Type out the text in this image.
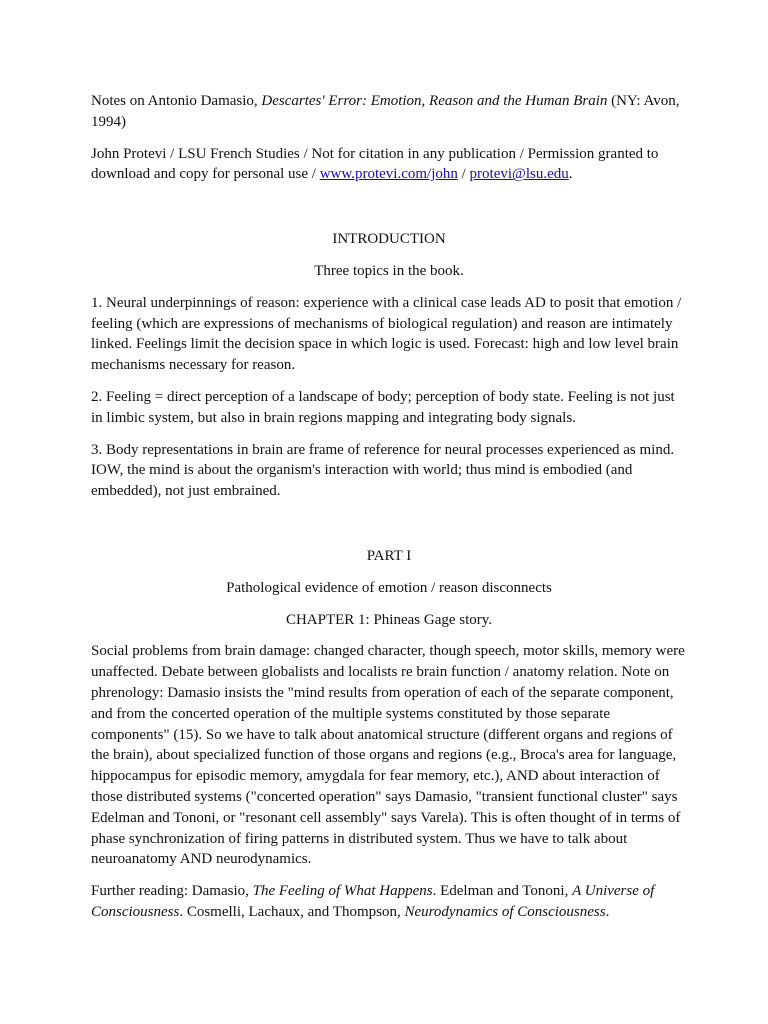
Notes on Antonio Damasio, Descartes' Error: Emotion, Reason and the Human Brain (NY: Avon, 1994)

John Protevi / LSU French Studies / Not for citation in any publication / Permission granted to download and copy for personal use / www.protevi.com/john / protevi@lsu.edu.

INTRODUCTION

Three topics in the book.

1. Neural underpinnings of reason: experience with a clinical case leads AD to posit that emotion / feeling (which are expressions of mechanisms of biological regulation) and reason are intimately linked. Feelings limit the decision space in which logic is used. Forecast: high and low level brain mechanisms necessary for reason.

2. Feeling = direct perception of a landscape of body; perception of body state. Feeling is not just in limbic system, but also in brain regions mapping and integrating body signals.

3. Body representations in brain are frame of reference for neural processes experienced as mind. IOW, the mind is about the organism's interaction with world; thus mind is embodied (and embedded), not just embrained.

PART I

Pathological evidence of emotion / reason disconnects

CHAPTER 1: Phineas Gage story.

Social problems from brain damage: changed character, though speech, motor skills, memory were unaffected. Debate between globalists and localists re brain function / anatomy relation. Note on phrenology: Damasio insists the "mind results from operation of each of the separate component, and from the concerted operation of the multiple systems constituted by those separate components" (15). So we have to talk about anatomical structure (different organs and regions of the brain), about specialized function of those organs and regions (e.g., Broca's area for language, hippocampus for episodic memory, amygdala for fear memory, etc.), AND about interaction of those distributed systems ("concerted operation" says Damasio, "transient functional cluster" says Edelman and Tononi, or "resonant cell assembly" says Varela). This is often thought of in terms of phase synchronization of firing patterns in distributed system. Thus we have to talk about neuroanatomy AND neurodynamics.

Further reading: Damasio, The Feeling of What Happens. Edelman and Tononi, A Universe of Consciousness. Cosmelli, Lachaux, and Thompson, Neurodynamics of Consciousness.
